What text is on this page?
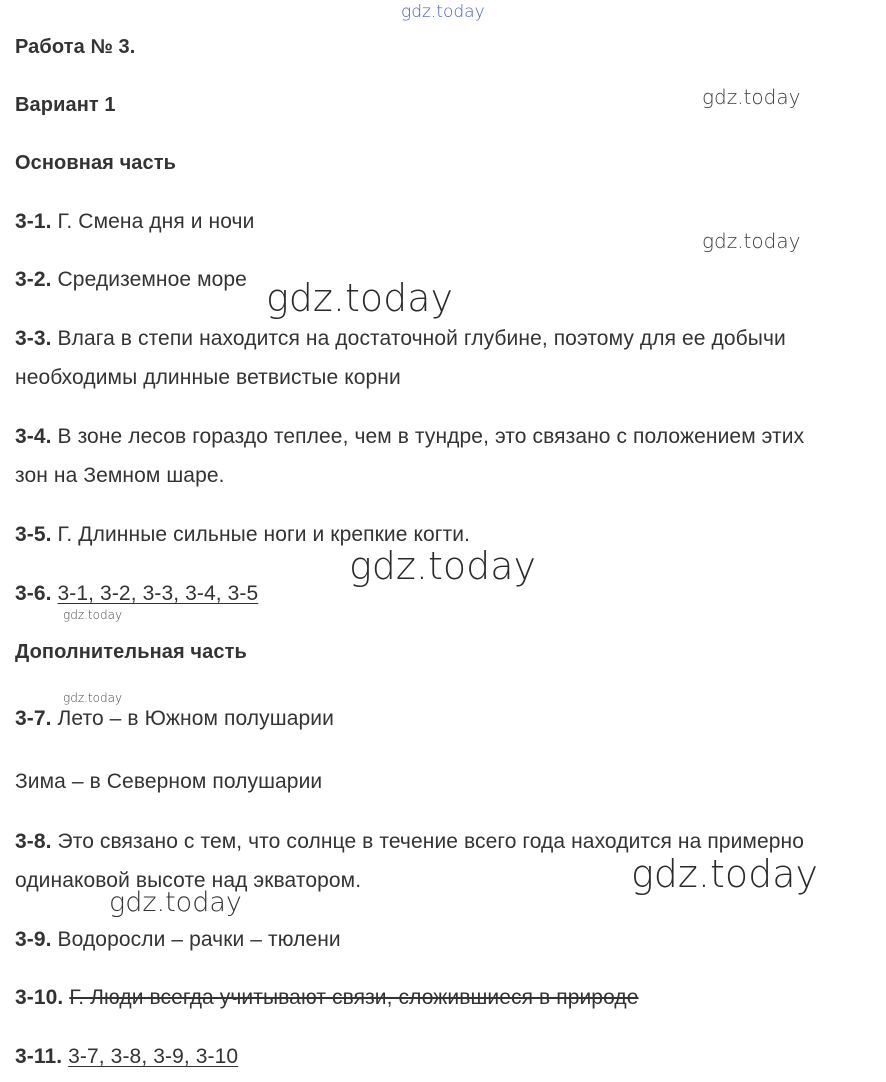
gdz.today
gdz.today
gdz.today
Работа № 3.
Вариант 1
Основная часть
3-1. Г. Смена дня и ночи
3-2. Средиземное море
3-3. Влага в степи находится на достаточной глубине, поэтому для ее добычи
необходимы длинные ветвистые корни
3-4. В зоне лесов гораздо теплее, чем в тундре, это связано с положением этих
зон на Земном шаре.
3-5. Г. Длинные сильные ноги и крепкие когти.
3-6. 3-1, 3-2, 3-3, 3-4, 3-5
Дополнительная часть
3-7. Лето – в Южном полушарии
Зима – в Северном полушарии
3-8. Это связано с тем, что солнце в течение всего года находится на примерно
одинаковой высоте над экватором.
3-9. Водоросли – рачки – тюлени
3-10. Г. Люди всегда учитывают связи, сложившиеся в природе
3-11. 3-7, 3-8, 3-9, 3-10
gdz.today
gdz.today
gdz.today
gdz.today
gdz.today
gdz.today
